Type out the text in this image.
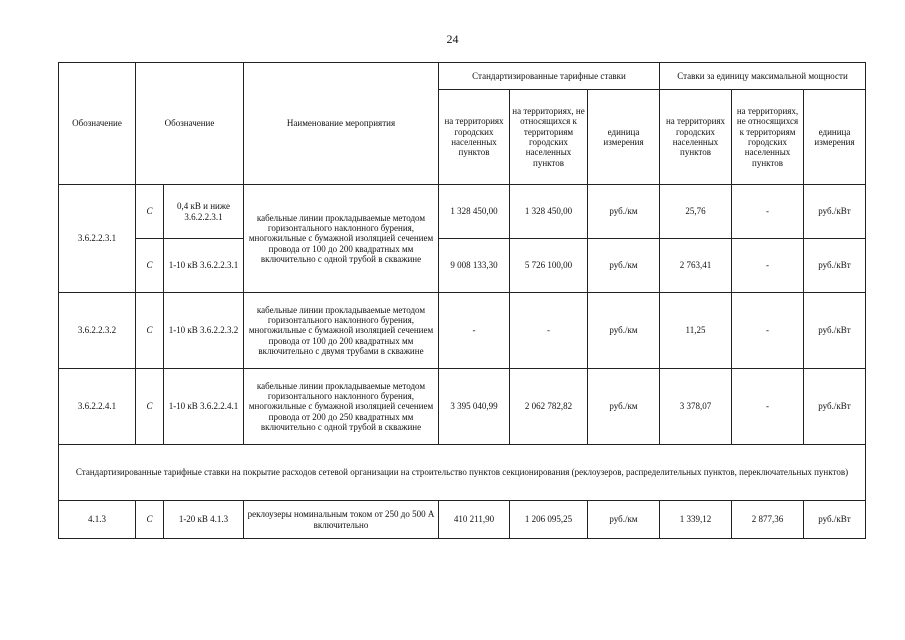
24
Обозначение	Обозначение		Наименование мероприятия	Стандартизированные тарифные ставки			Ставки за единицу максимальной мощности		
				на территориях городских населенных пунктов	на территориях, не относящихся к территориям городских населенных пунктов	единица измерения	на территориях городских населенных пунктов	на территориях, не относящихся к территориям городских населенных пунктов	единица измерения
3.6.2.2.3.1	С	0,4 кВ и ниже 3.6.2.2.3.1	кабельные линии прокладываемые методом горизонтального наклонного бурения, многожильные с бумажной изоляцией сечением провода от 100 до 200 квадратных мм включительно с одной трубой в скважине	1 328 450,00	1 328 450,00	руб./км	25,76	-	руб./кВт
	С	1-10 кВ 3.6.2.2.3.1		9 008 133,30	5 726 100,00	руб./км	2 763,41	-	руб./кВт
3.6.2.2.3.2	С	1-10 кВ 3.6.2.2.3.2	кабельные линии прокладываемые методом горизонтального наклонного бурения, многожильные с бумажной изоляцией сечением провода от 100 до 200 квадратных мм включительно с двумя трубами в скважине	-	-	руб./км	11,25	-	руб./кВт
3.6.2.2.4.1	С	1-10 кВ 3.6.2.2.4.1	кабельные линии прокладываемые методом горизонтального наклонного бурения, многожильные с бумажной изоляцией сечением провода от 200 до 250 квадратных мм включительно с одной трубой в скважине	3 395 040,99	2 062 782,82	руб./км	3 378,07	-	руб./кВт
Стандартизированные тарифные ставки на покрытие расходов сетевой организации на строительство пунктов секционирования (реклоузеров, распределительных пунктов, переключательных пунктов)									
4.1.3	С	1-20 кВ 4.1.3	реклоузеры номинальным током от 250 до 500 А включительно	410 211,90	1 206 095,25	руб./км	1 339,12	2 877,36	руб./кВт
